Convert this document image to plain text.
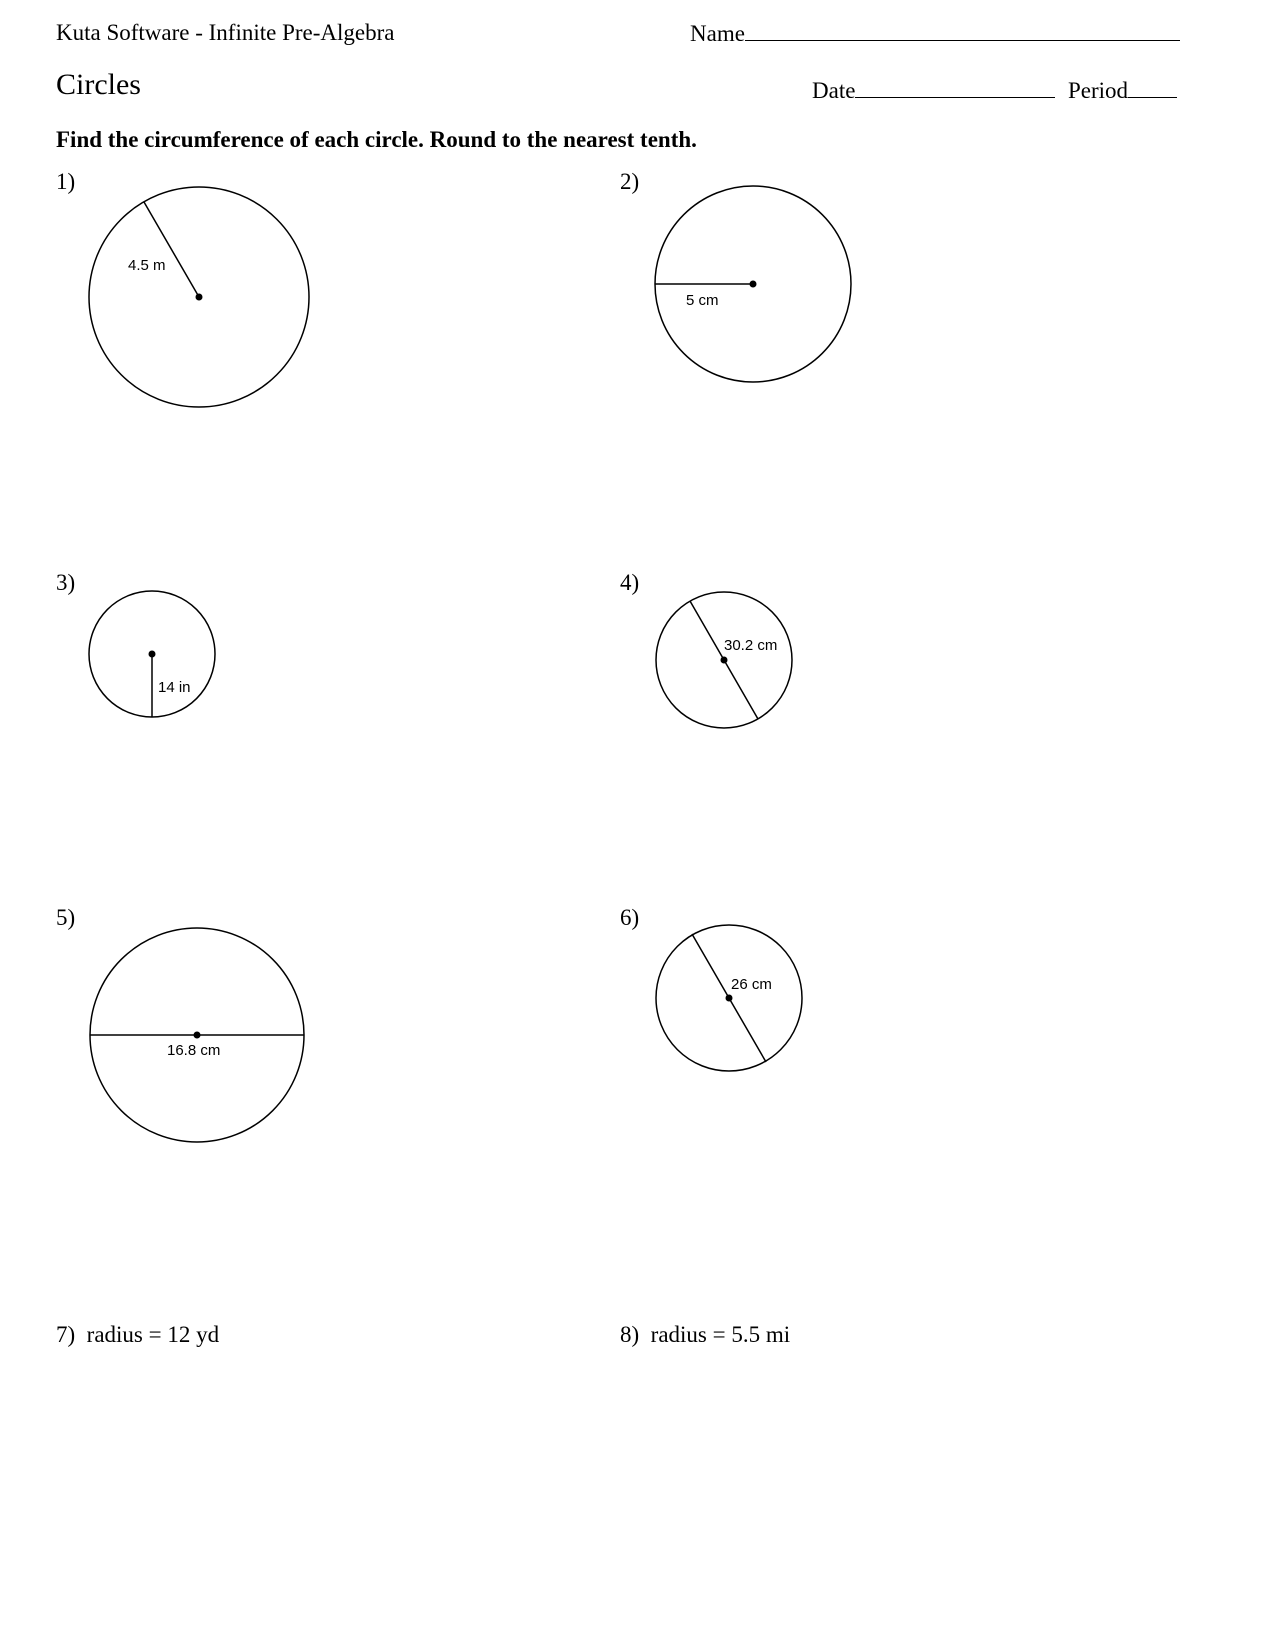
Kuta Software - Infinite Pre-Algebra	Name
Circles	Date	Period
Find the circumference of each circle. Round to the nearest tenth.
1)	2)
3)	4)
5)	6)
4.5 m
5 cm
14 in
30.2 cm
16.8 cm
26 cm
7) radius = 12 yd	8) radius = 5.5 mi
